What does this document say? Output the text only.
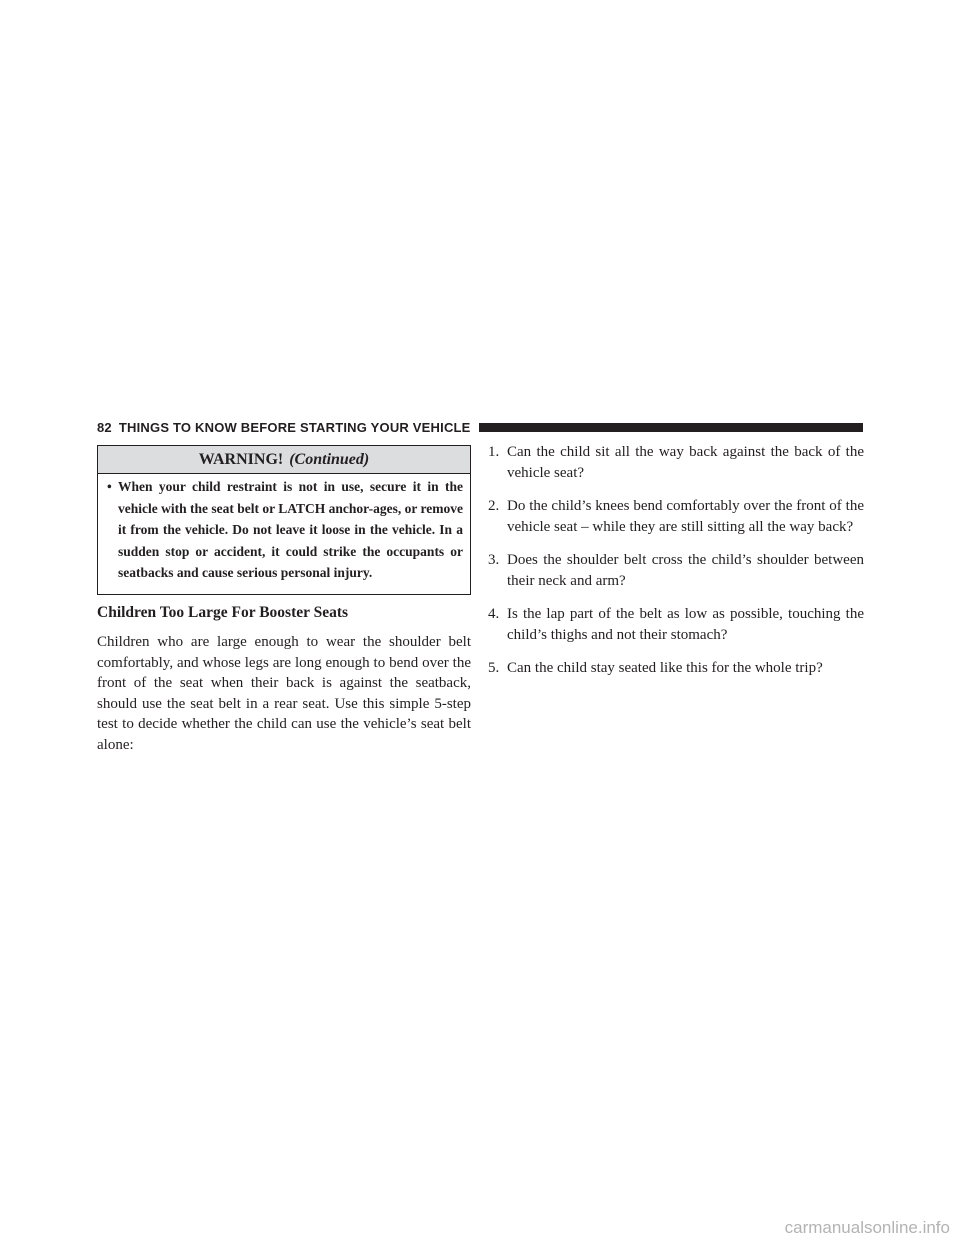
82 THINGS TO KNOW BEFORE STARTING YOUR VEHICLE
WARNING! (Continued)
• When your child restraint is not in use, secure it in the vehicle with the seat belt or LATCH anchor-ages, or remove it from the vehicle. Do not leave it loose in the vehicle. In a sudden stop or accident, it could strike the occupants or seatbacks and cause serious personal injury.
Children Too Large For Booster Seats

Children who are large enough to wear the shoulder belt comfortably, and whose legs are long enough to bend over the front of the seat when their back is against the seatback, should use the seat belt in a rear seat. Use this simple 5-step test to decide whether the child can use the vehicle’s seat belt alone:

1. Can the child sit all the way back against the back of the vehicle seat?
2. Do the child’s knees bend comfortably over the front of the vehicle seat – while they are still sitting all the way back?
3. Does the shoulder belt cross the child’s shoulder between their neck and arm?
4. Is the lap part of the belt as low as possible, touching the child’s thighs and not their stomach?
5. Can the child stay seated like this for the whole trip?
carmanualsonline.info
